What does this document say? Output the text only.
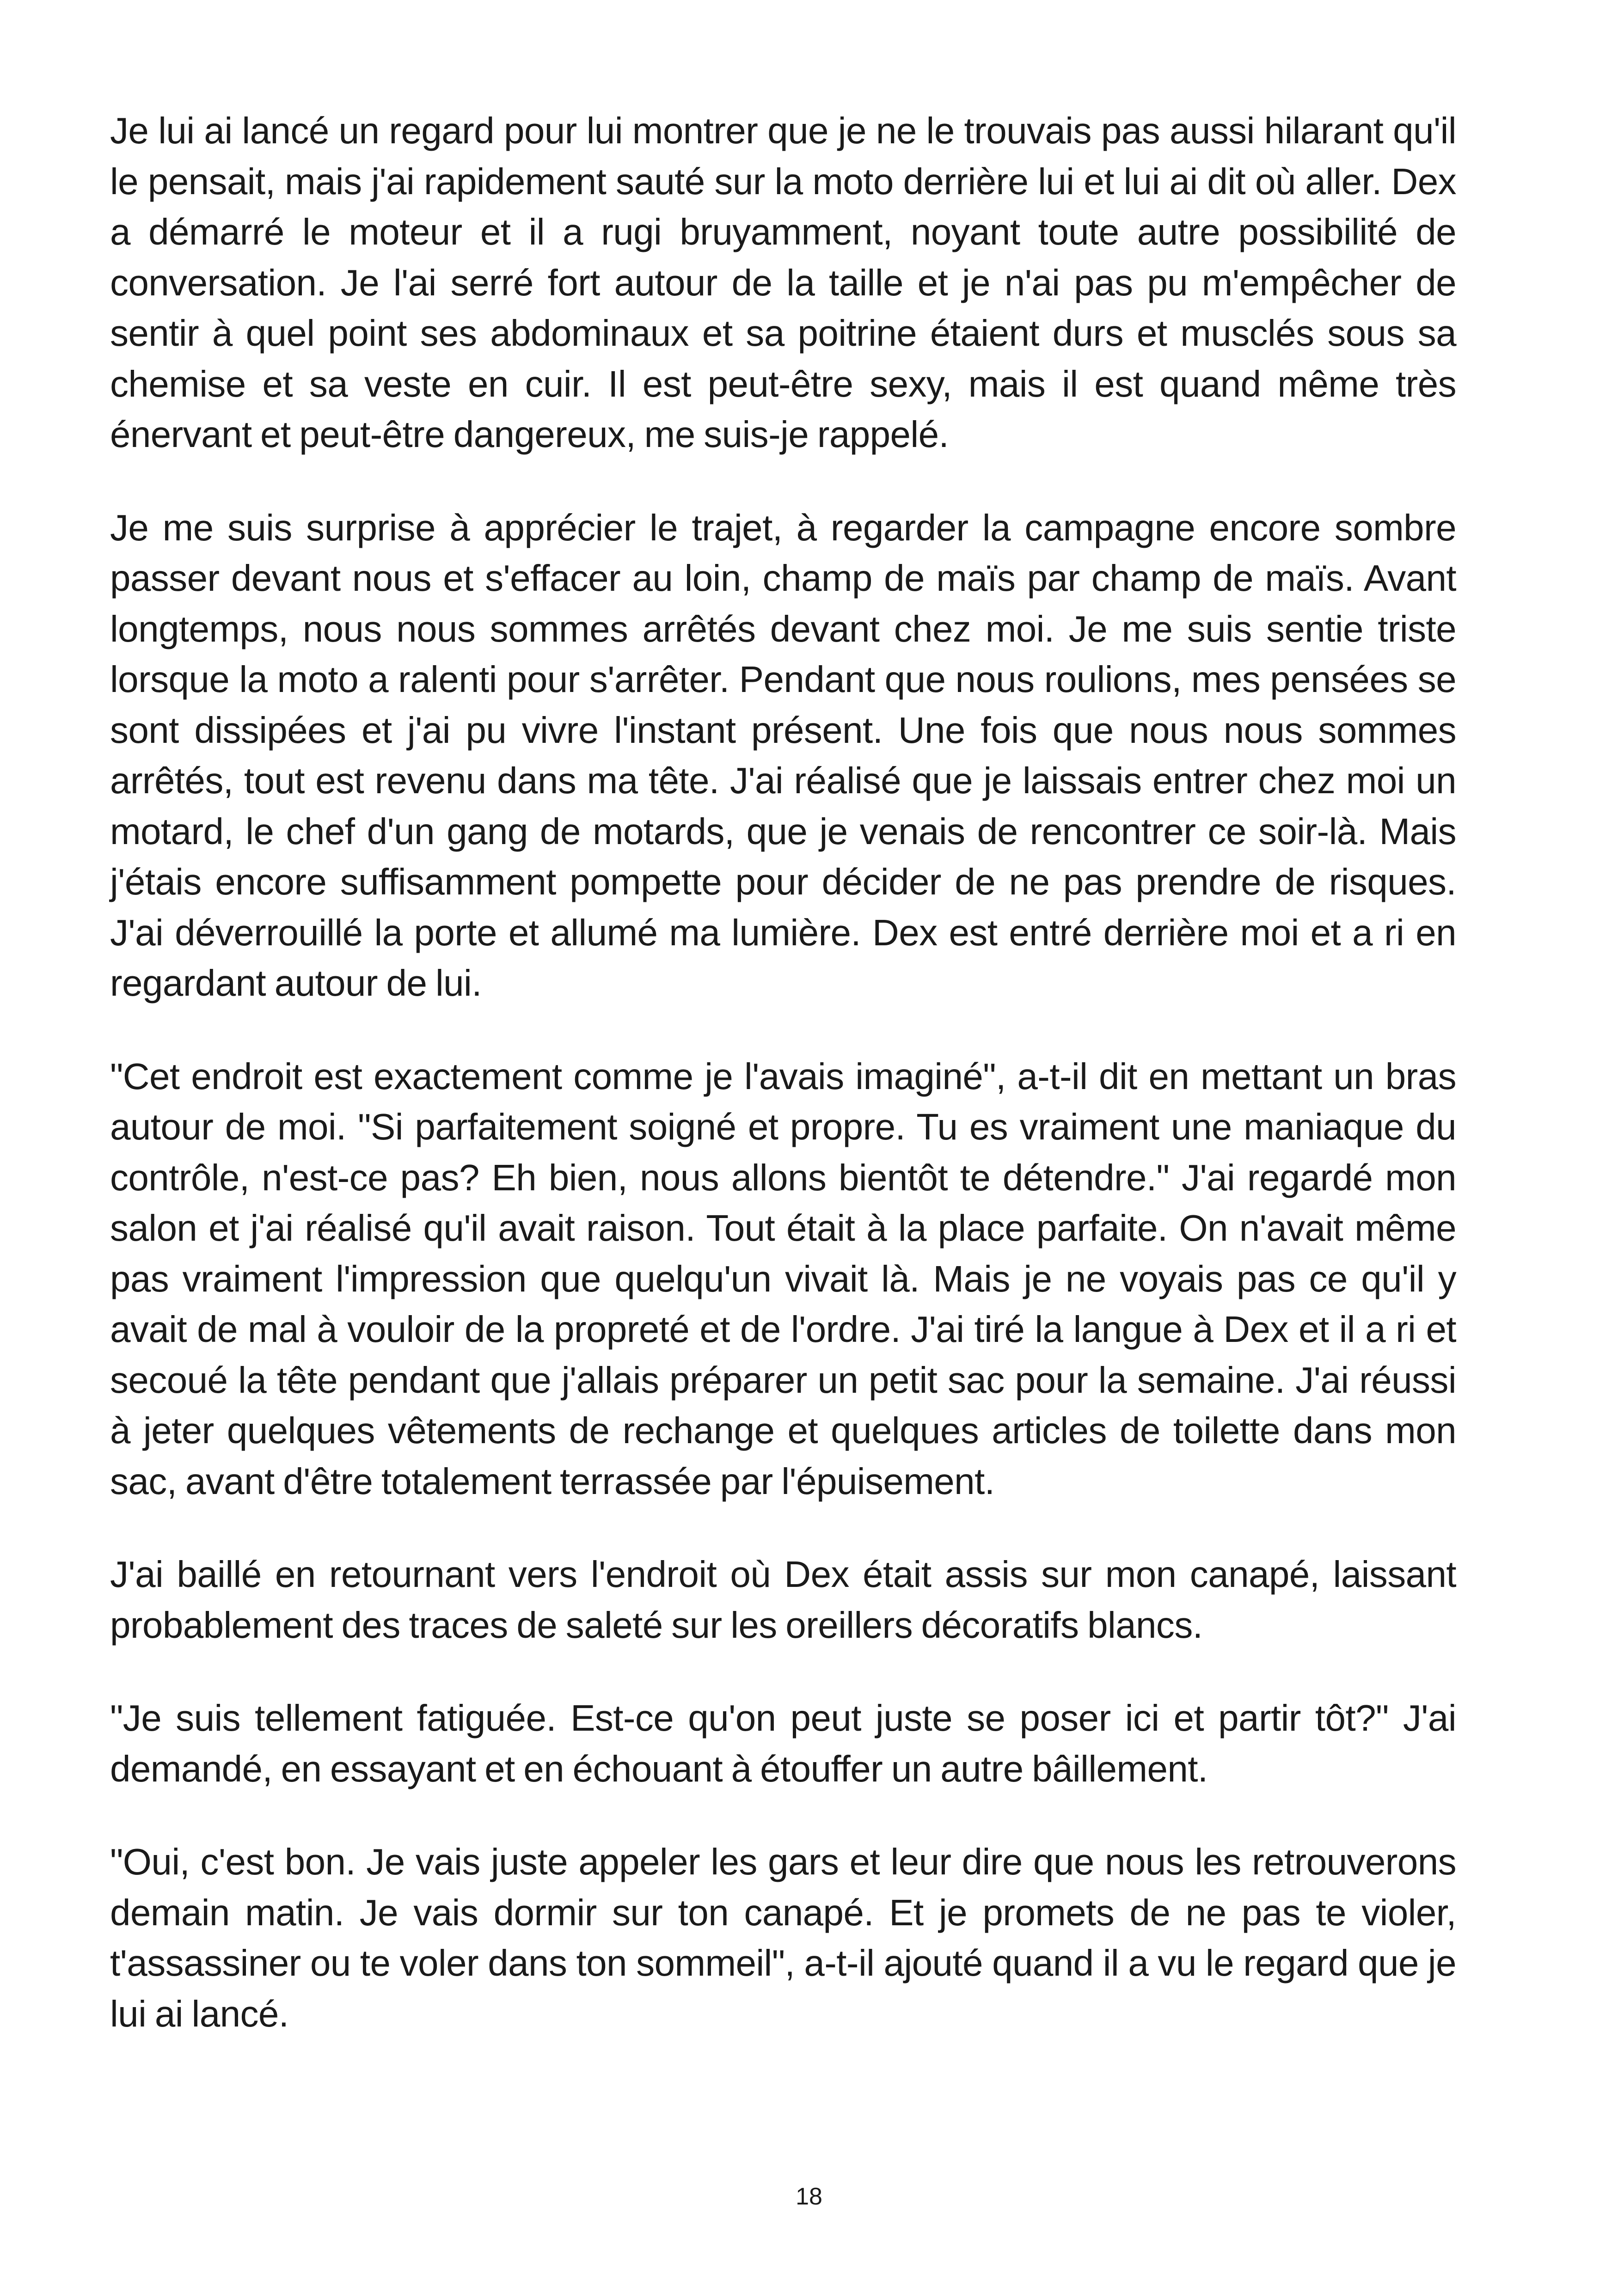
Je lui ai lancé un regard pour lui montrer que je ne le trouvais pas aussi hilarant qu'il le pensait, mais j'ai rapidement sauté sur la moto derrière lui et lui ai dit où aller. Dex a démarré le moteur et il a rugi bruyamment, noyant toute autre possibilité de conversation. Je l'ai serré fort autour de la taille et je n'ai pas pu m'empêcher de sentir à quel point ses abdominaux et sa poitrine étaient durs et musclés sous sa chemise et sa veste en cuir. Il est peut-être sexy, mais il est quand même très énervant et peut-être dangereux, me suis-je rappelé.

Je me suis surprise à apprécier le trajet, à regarder la campagne encore sombre passer devant nous et s'effacer au loin, champ de maïs par champ de maïs. Avant longtemps, nous nous sommes arrêtés devant chez moi. Je me suis sentie triste lorsque la moto a ralenti pour s'arrêter. Pendant que nous roulions, mes pensées se sont dissipées et j'ai pu vivre l'instant présent. Une fois que nous nous sommes arrêtés, tout est revenu dans ma tête. J'ai réalisé que je laissais entrer chez moi un motard, le chef d'un gang de motards, que je venais de rencontrer ce soir-là. Mais j'étais encore suffisamment pompette pour décider de ne pas prendre de risques. J'ai déverrouillé la porte et allumé ma lumière. Dex est entré derrière moi et a ri en regardant autour de lui.

"Cet endroit est exactement comme je l'avais imaginé", a-t-il dit en mettant un bras autour de moi. "Si parfaitement soigné et propre. Tu es vraiment une maniaque du contrôle, n'est-ce pas? Eh bien, nous allons bientôt te détendre." J'ai regardé mon salon et j'ai réalisé qu'il avait raison. Tout était à la place parfaite. On n'avait même pas vraiment l'impression que quelqu'un vivait là. Mais je ne voyais pas ce qu'il y avait de mal à vouloir de la propreté et de l'ordre. J'ai tiré la langue à Dex et il a ri et secoué la tête pendant que j'allais préparer un petit sac pour la semaine. J'ai réussi à jeter quelques vêtements de rechange et quelques articles de toilette dans mon sac, avant d'être totalement terrassée par l'épuisement.

J'ai baillé en retournant vers l'endroit où Dex était assis sur mon canapé, laissant probablement des traces de saleté sur les oreillers décoratifs blancs.

"Je suis tellement fatiguée. Est-ce qu'on peut juste se poser ici et partir tôt?" J'ai demandé, en essayant et en échouant à étouffer un autre bâillement.

"Oui, c'est bon. Je vais juste appeler les gars et leur dire que nous les retrouverons demain matin. Je vais dormir sur ton canapé. Et je promets de ne pas te violer, t'assassiner ou te voler dans ton sommeil", a-t-il ajouté quand il a vu le regard que je lui ai lancé.

18
